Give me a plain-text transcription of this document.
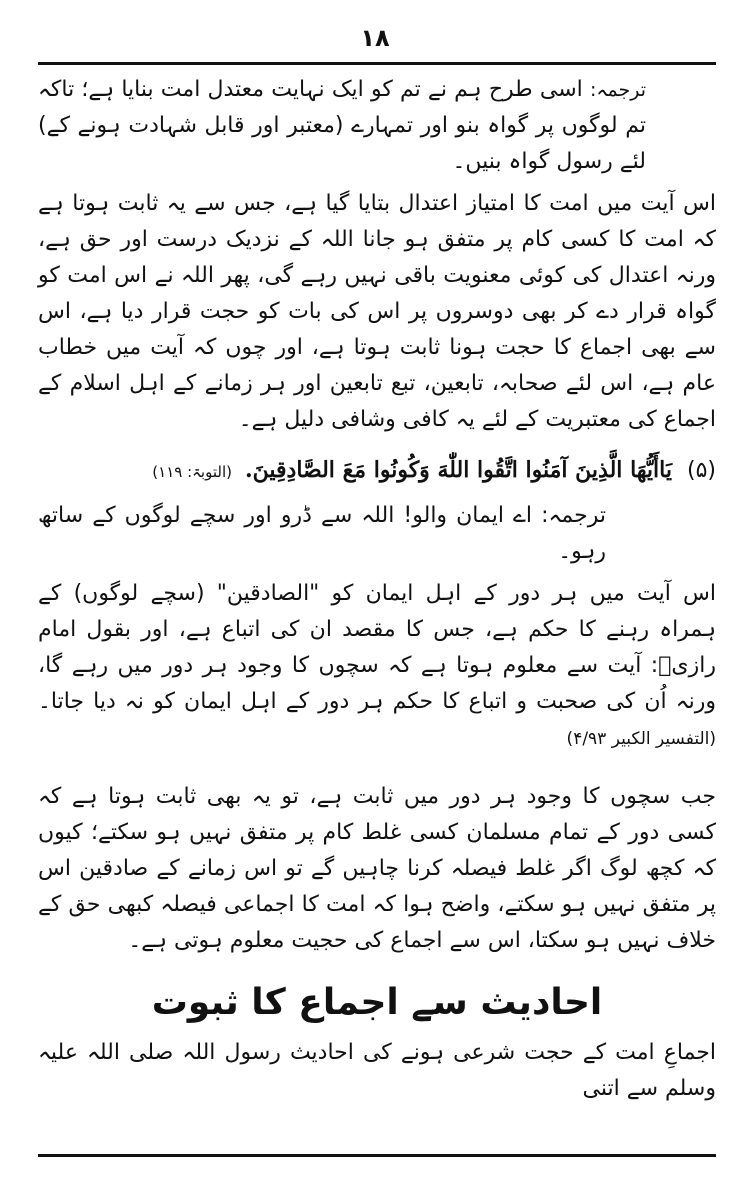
۱۸

ترجمہ: اسی طرح ہم نے تم کو ایک نہایت معتدل امت بنایا ہے؛ تاکہ تم لوگوں پر گواہ بنو اور تمہارے (معتبر اور قابل شہادت ہونے کے) لئے رسول گواہ بنیں۔

اس آیت میں امت کا امتیاز اعتدال بتایا گیا ہے، جس سے یہ ثابت ہوتا ہے کہ امت کا کسی کام پر متفق ہو جانا اللہ کے نزدیک درست اور حق ہے، ورنہ اعتدال کی کوئی معنویت باقی نہیں رہے گی، پھر اللہ نے اس امت کو گواہ قرار دے کر بھی دوسروں پر اس کی بات کو حجت قرار دیا ہے، اس سے بھی اجماع کا حجت ہونا ثابت ہوتا ہے، اور چوں کہ آیت میں خطاب عام ہے، اس لئے صحابہ، تابعین، تبع تابعین اور ہر زمانے کے اہل اسلام کے اجماع کی معتبریت کے لئے یہ کافی وشافی دلیل ہے۔

(۵) يَاأَيُّهَا الَّذِينَ آمَنُوا اتَّقُوا اللّٰهَ وَكُونُوا مَعَ الصَّادِقِينَ. (التوبۃ: ۱۱۹)

ترجمہ: اے ایمان والو! اللہ سے ڈرو اور سچے لوگوں کے ساتھ رہو۔

اس آیت میں ہر دور کے اہل ایمان کو "الصادقین" (سچے لوگوں) کے ہمراہ رہنے کا حکم ہے، جس کا مقصد ان کی اتباع ہے، اور بقول امام رازیؒ: آیت سے معلوم ہوتا ہے کہ سچوں کا وجود ہر دور میں رہے گا، ورنہ اُن کی صحبت و اتباع کا حکم ہر دور کے اہل ایمان کو نہ دیا جاتا۔ (التفسیر الکبیر ۴/۹۳)

جب سچوں کا وجود ہر دور میں ثابت ہے، تو یہ بھی ثابت ہوتا ہے کہ کسی دور کے تمام مسلمان کسی غلط کام پر متفق نہیں ہو سکتے؛ کیوں کہ کچھ لوگ اگر غلط فیصلہ کرنا چاہیں گے تو اس زمانے کے صادقین اس پر متفق نہیں ہو سکتے، واضح ہوا کہ امت کا اجماعی فیصلہ کبھی حق کے خلاف نہیں ہو سکتا، اس سے اجماع کی حجیت معلوم ہوتی ہے۔

احادیث سے اجماع کا ثبوت

اجماعِ امت کے حجت شرعی ہونے کی احادیث رسول اللہ صلی اللہ علیہ وسلم سے اتنی
